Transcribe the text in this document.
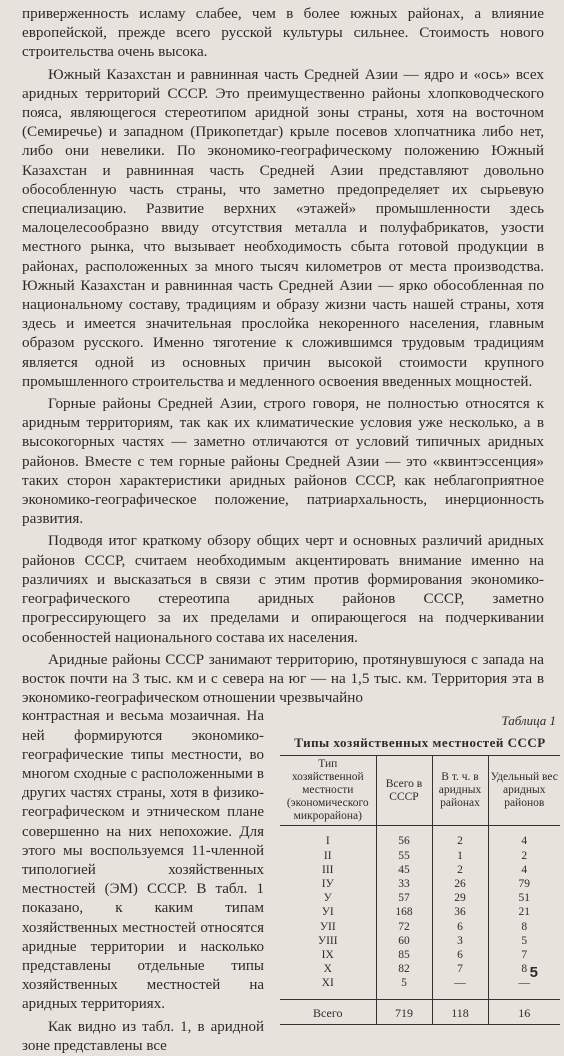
приверженность исламу слабее, чем в более южных районах, а влияние европейской, прежде всего русской культуры сильнее. Стоимость нового строительства очень высока.

Южный Казахстан и равнинная часть Средней Азии — ядро и «ось» всех аридных территорий СССР. Это преимущественно районы хлопководческого пояса, являющегося стереотипом аридной зоны страны, хотя на восточном (Семиречье) и западном (Прикопетдаг) крыле посевов хлопчатника либо нет, либо они невелики. По экономико-географическому положению Южный Казахстан и равнинная часть Средней Азии представляют довольно обособленную часть страны, что заметно предопределяет их сырьевую специализацию. Развитие верхних «этажей» промышленности здесь малоцелесообразно ввиду отсутствия металла и полуфабрикатов, узости местного рынка, что вызывает необходимость сбыта готовой продукции в районах, расположенных за много тысяч километров от места производства. Южный Казахстан и равнинная часть Средней Азии — ярко обособленная по национальному составу, традициям и образу жизни часть нашей страны, хотя здесь и имеется значительная прослойка некоренного населения, главным образом русского. Именно тяготение к сложившимся трудовым традициям является одной из основных причин высокой стоимости крупного промышленного строительства и медленного освоения введенных мощностей.

Горные районы Средней Азии, строго говоря, не полностью относятся к аридным территориям, так как их климатические условия уже несколько, а в высокогорных частях — заметно отличаются от условий типичных аридных районов. Вместе с тем горные районы Средней Азии — это «квинтэссенция» таких сторон характеристики аридных районов СССР, как неблагоприятное экономико-географическое положение, патриархальность, инерционность развития.

Подводя итог краткому обзору общих черт и основных различий аридных районов СССР, считаем необходимым акцентировать внимание именно на различиях и высказаться в связи с этим против формирования экономико-географического стереотипа аридных районов СССР, заметно прогрессирующего за их пределами и опирающегося на подчеркивании особенностей национального состава их населения.

Аридные районы СССР занимают территорию, протянувшуюся с запада на восток почти на 3 тыс. км и с севера на юг — на 1,5 тыс. км. Территория эта в экономико-географическом отношении чрезвычайно

контрастная и весьма мозаичная. На ней формируются экономико-географические типы местности, во многом сходные с расположенными в других частях страны, хотя в физико-географическом и этническом плане совершенно на них непохожие. Для этого мы воспользуемся 11-членной типологией хозяйственных местностей (ЭМ) СССР. В табл. 1 показано, к каким типам хозяйственных местностей относятся аридные территории и насколько представлены отдельные типы хозяйственных местностей на аридных территориях.

Как видно из табл. 1, в аридной зоне представлены все

Таблица 1
Типы хозяйственных местностей СССР
Тип хозяйственной местности (экономического микрорайона)	Всего в СССР	В т. ч. в аридных районах	Удельный вес аридных районов
I	56	2	4
II	55	1	2
III	45	2	4
IУ	33	26	79
У	57	29	51
УI	168	36	21
УII	72	6	8
УIII	60	3	5
IX	85	6	7
X	82	7	8
XI	5	—	—
Всего	719	118	16
5
